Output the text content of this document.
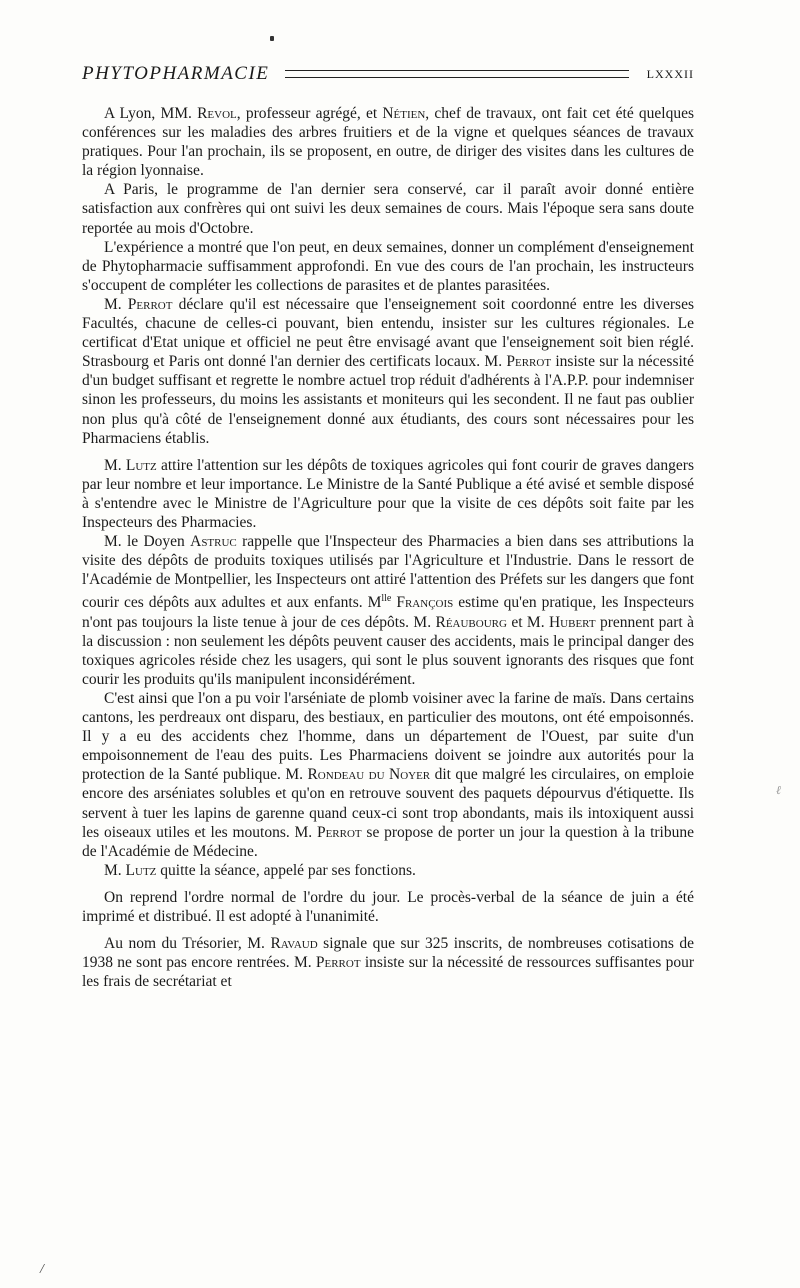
PHYTOPHARMACIE	LXXXII

A Lyon, MM. Revol, professeur agrégé, et Nétien, chef de travaux, ont fait cet été quelques conférences sur les maladies des arbres fruitiers et de la vigne et quelques séances de travaux pratiques. Pour l'an prochain, ils se proposent, en outre, de diriger des visites dans les cultures de la région lyonnaise.

A Paris, le programme de l'an dernier sera conservé, car il paraît avoir donné entière satisfaction aux confrères qui ont suivi les deux semaines de cours. Mais l'époque sera sans doute reportée au mois d'Octobre.

L'expérience a montré que l'on peut, en deux semaines, donner un complément d'enseignement de Phytopharmacie suffisamment approfondi. En vue des cours de l'an prochain, les instructeurs s'occupent de compléter les collections de parasites et de plantes parasitées.

M. Perrot déclare qu'il est nécessaire que l'enseignement soit coordonné entre les diverses Facultés, chacune de celles-ci pouvant, bien entendu, insister sur les cultures régionales. Le certificat d'Etat unique et officiel ne peut être envisagé avant que l'enseignement soit bien réglé. Strasbourg et Paris ont donné l'an dernier des certificats locaux. M. Perrot insiste sur la nécessité d'un budget suffisant et regrette le nombre actuel trop réduit d'adhérents à l'A.P.P. pour indemniser sinon les professeurs, du moins les assistants et moniteurs qui les secondent. Il ne faut pas oublier non plus qu'à côté de l'enseignement donné aux étudiants, des cours sont nécessaires pour les Pharmaciens établis.

M. Lutz attire l'attention sur les dépôts de toxiques agricoles qui font courir de graves dangers par leur nombre et leur importance. Le Ministre de la Santé Publique a été avisé et semble disposé à s'entendre avec le Ministre de l'Agriculture pour que la visite de ces dépôts soit faite par les Inspecteurs des Pharmacies.

M. le Doyen Astruc rappelle que l'Inspecteur des Pharmacies a bien dans ses attributions la visite des dépôts de produits toxiques utilisés par l'Agriculture et l'Industrie. Dans le ressort de l'Académie de Montpellier, les Inspecteurs ont attiré l'attention des Préfets sur les dangers que font courir ces dépôts aux adultes et aux enfants. $M^{lle}$ François estime qu'en pratique, les Inspecteurs n'ont pas toujours la liste tenue à jour de ces dépôts. M. Réaubourg et M. Hubert prennent part à la discussion : non seulement les dépôts peuvent causer des accidents, mais le principal danger des toxiques agricoles réside chez les usagers, qui sont le plus souvent ignorants des risques que font courir les produits qu'ils manipulent inconsidérément.

C'est ainsi que l'on a pu voir l'arséniate de plomb voisiner avec la farine de maïs. Dans certains cantons, les perdreaux ont disparu, des bestiaux, en particulier des moutons, ont été empoisonnés. Il y a eu des accidents chez l'homme, dans un département de l'Ouest, par suite d'un empoisonnement de l'eau des puits. Les Pharmaciens doivent se joindre aux autorités pour la protection de la Santé publique. M. Rondeau du Noyer dit que malgré les circulaires, on emploie encore des arséniates solubles et qu'on en retrouve souvent des paquets dépourvus d'étiquette. Ils servent à tuer les lapins de garenne quand ceux-ci sont trop abondants, mais ils intoxiquent aussi les oiseaux utiles et les moutons. M. Perrot se propose de porter un jour la question à la tribune de l'Académie de Médecine.

M. Lutz quitte la séance, appelé par ses fonctions.

On reprend l'ordre normal de l'ordre du jour. Le procès-verbal de la séance de juin a été imprimé et distribué. Il est adopté à l'unanimité.

Au nom du Trésorier, M. Ravaud signale que sur 325 inscrits, de nombreuses cotisations de 1938 ne sont pas encore rentrées. M. Perrot insiste sur la nécessité de ressources suffisantes pour les frais de secrétariat et

ℓ
/
